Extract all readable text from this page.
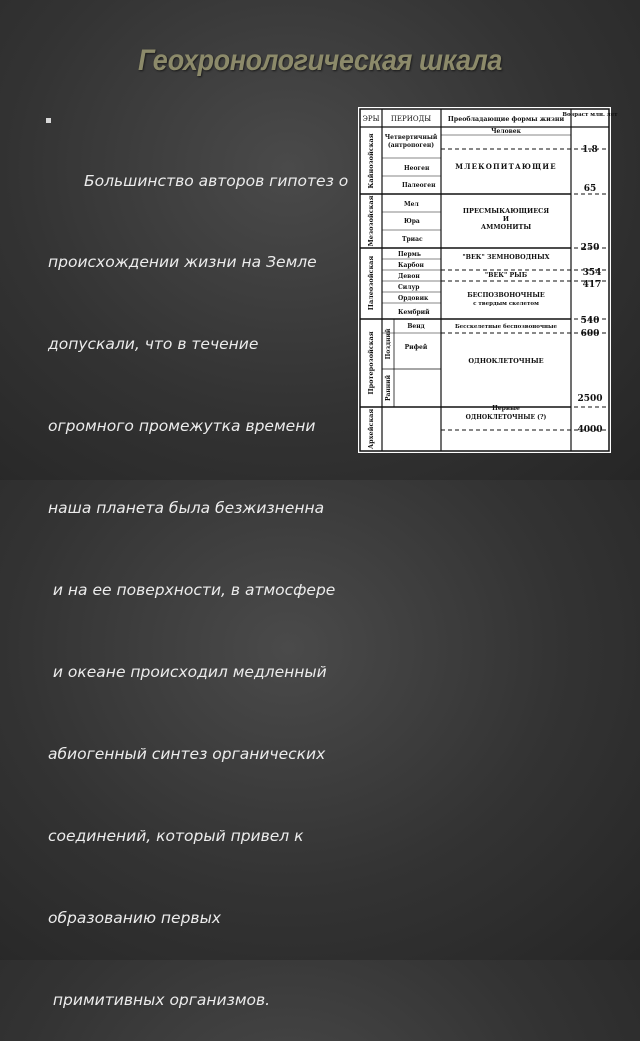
Геохронологическая шкала

Большинство авторов гипотез о

происхождении жизни на Земле

допускали, что в течение

огромного промежутка времени

наша планета была безжизненна

и на ее поверхности, в атмосфере

и океане происходил медленный

абиогенный синтез органических

соединений, который привел к

образованию первых

примитивных организмов.

ЭРЫ ПЕРИОДЫ	Преобладающие формы жизни
Возраст млн. лет
Кайнозойская
Мезозойская
Палеозойская
Протерозойская
Архейская
Поздний
Ранний
Четвертичный
(антропоген)
Неоген
Палеоген
Мел
Юра
Триас
Пермь
Карбон
Девон
Силур
Ордовик
Кембрий
Венд
Рифей
Человек
МЛЕКОПИТАЮЩИЕ
ПРЕСМЫКАЮЩИЕСЯ
И
АММОНИТЫ
"ВЕК" ЗЕМНОВОДНЫХ
"ВЕК" РЫБ
БЕСПОЗВОНОЧНЫЕ
с твердым скелетом
Бесскелетные беспозвоночные
ОДНОКЛЕТОЧНЫЕ
Первые
ОДНОКЛЕТОЧНЫЕ (?)
1.8
65
250
354
417
540
600
2500
4000
